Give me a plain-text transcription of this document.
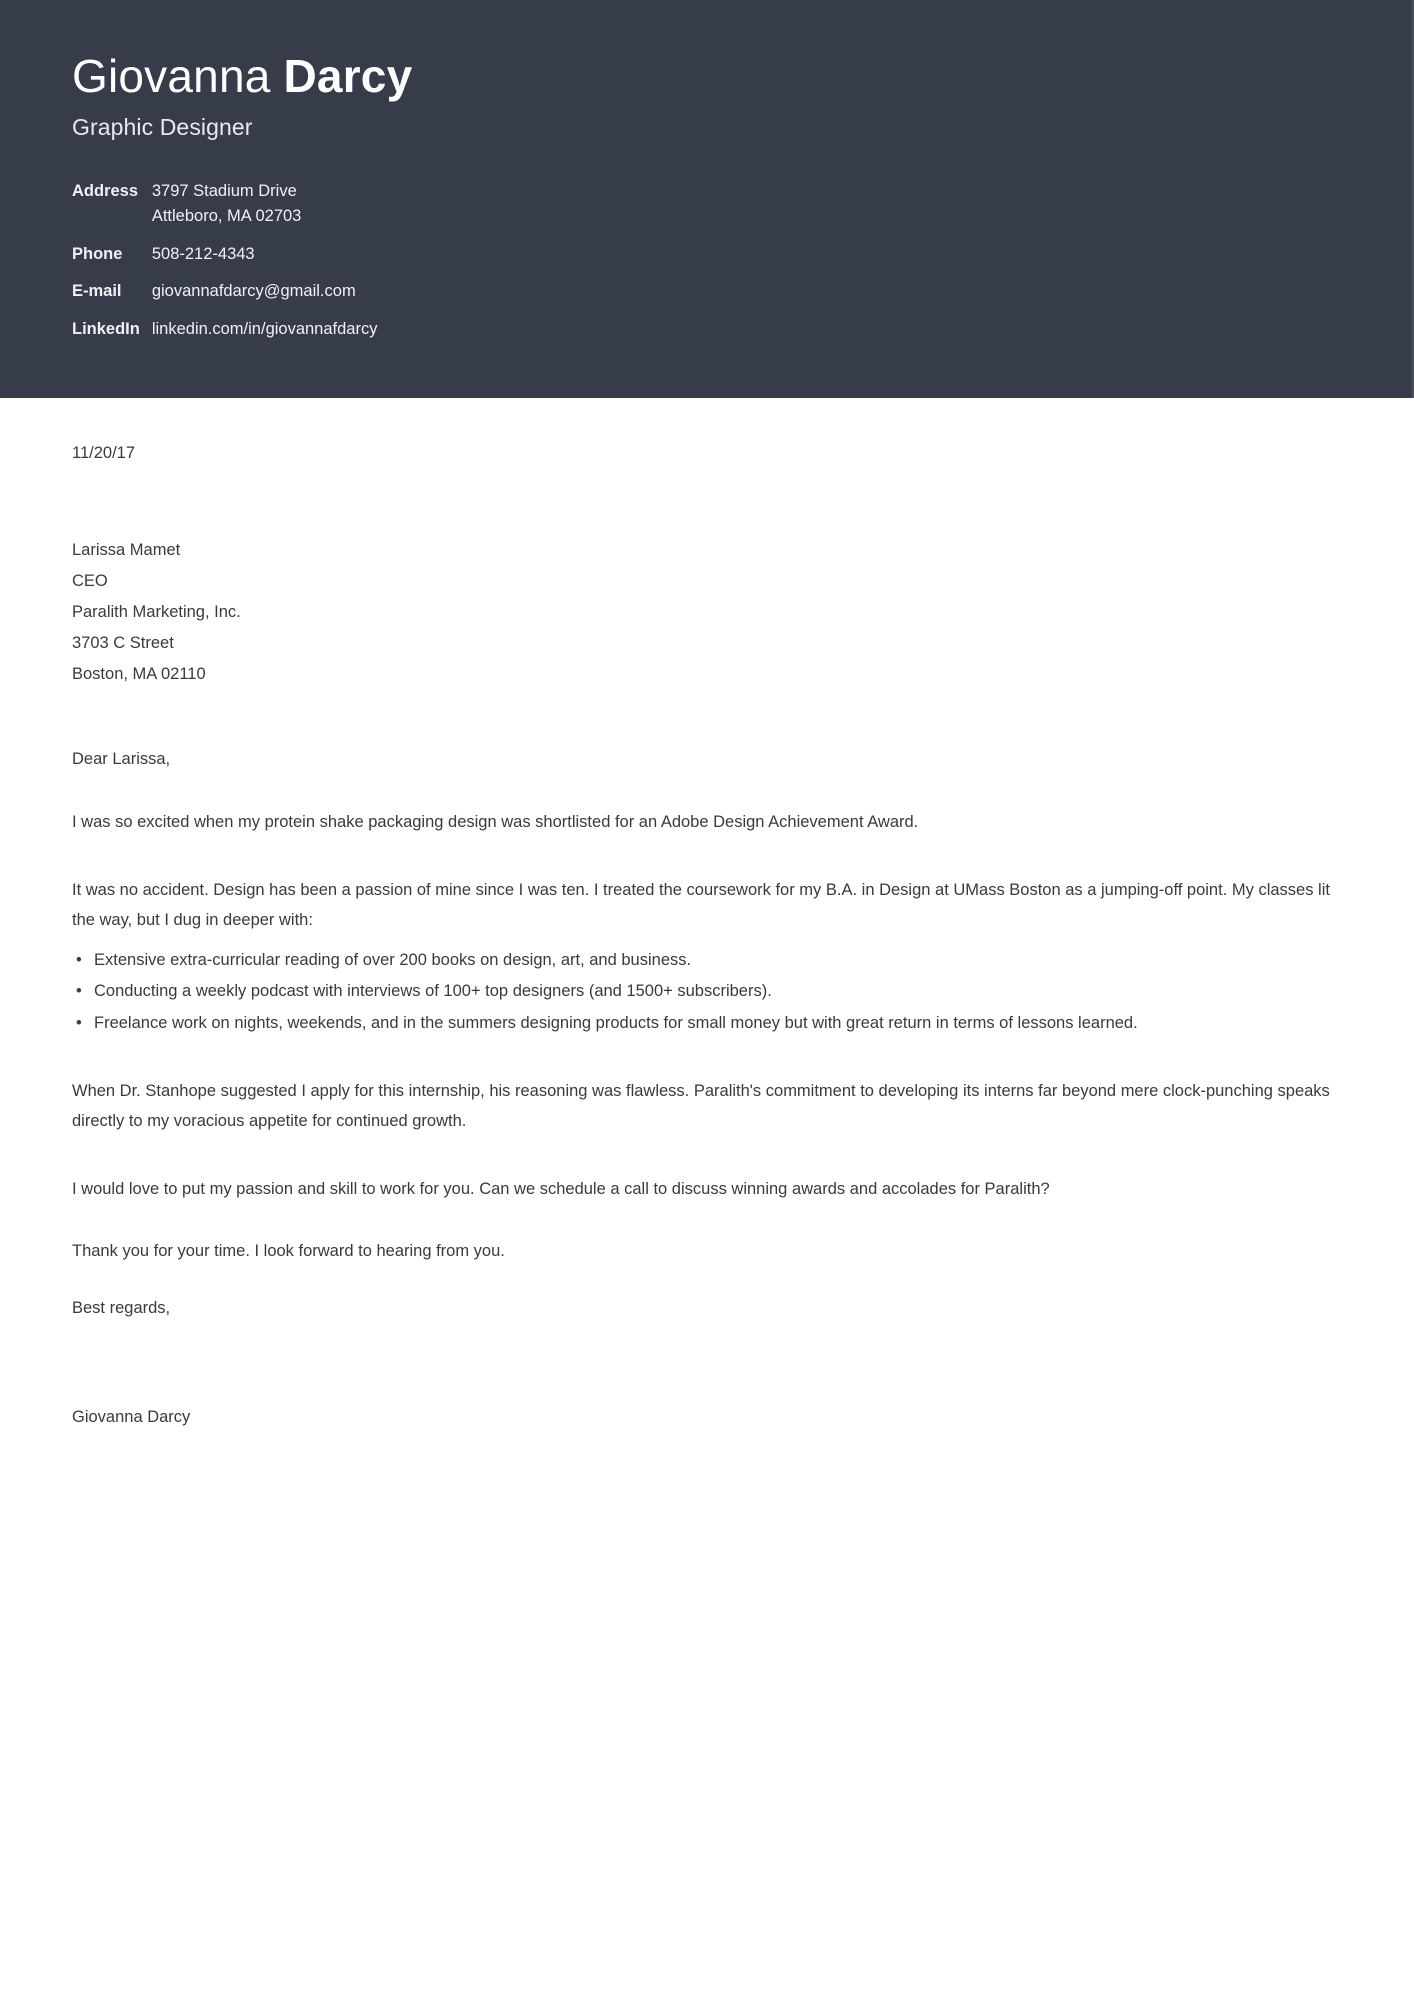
Giovanna Darcy
Graphic Designer
Address	3797 Stadium Drive
Attleboro, MA 02703

Phone	508-212-4343
E-mail	giovannafdarcy@gmail.com
LinkedIn	linkedin.com/in/giovannafdarcy
11/20/17
Larissa Mamet
CEO
Paralith Marketing, Inc.
3703 C Street
Boston, MA 02110
Dear Larissa,

I was so excited when my protein shake packaging design was shortlisted for an Adobe Design Achievement Award.

It was no accident. Design has been a passion of mine since I was ten. I treated the coursework for my B.A. in Design at UMass Boston as a jumping-off point. My classes lit the way, but I dug in deeper with:

• Extensive extra-curricular reading of over 200 books on design, art, and business.
• Conducting a weekly podcast with interviews of 100+ top designers (and 1500+ subscribers).
• Freelance work on nights, weekends, and in the summers designing products for small money but with great return in terms of lessons learned.

When Dr. Stanhope suggested I apply for this internship, his reasoning was flawless. Paralith's commitment to developing its interns far beyond mere clock-punching speaks directly to my voracious appetite for continued growth.

I would love to put my passion and skill to work for you. Can we schedule a call to discuss winning awards and accolades for Paralith?

Thank you for your time. I look forward to hearing from you.

Best regards,
Giovanna Darcy
